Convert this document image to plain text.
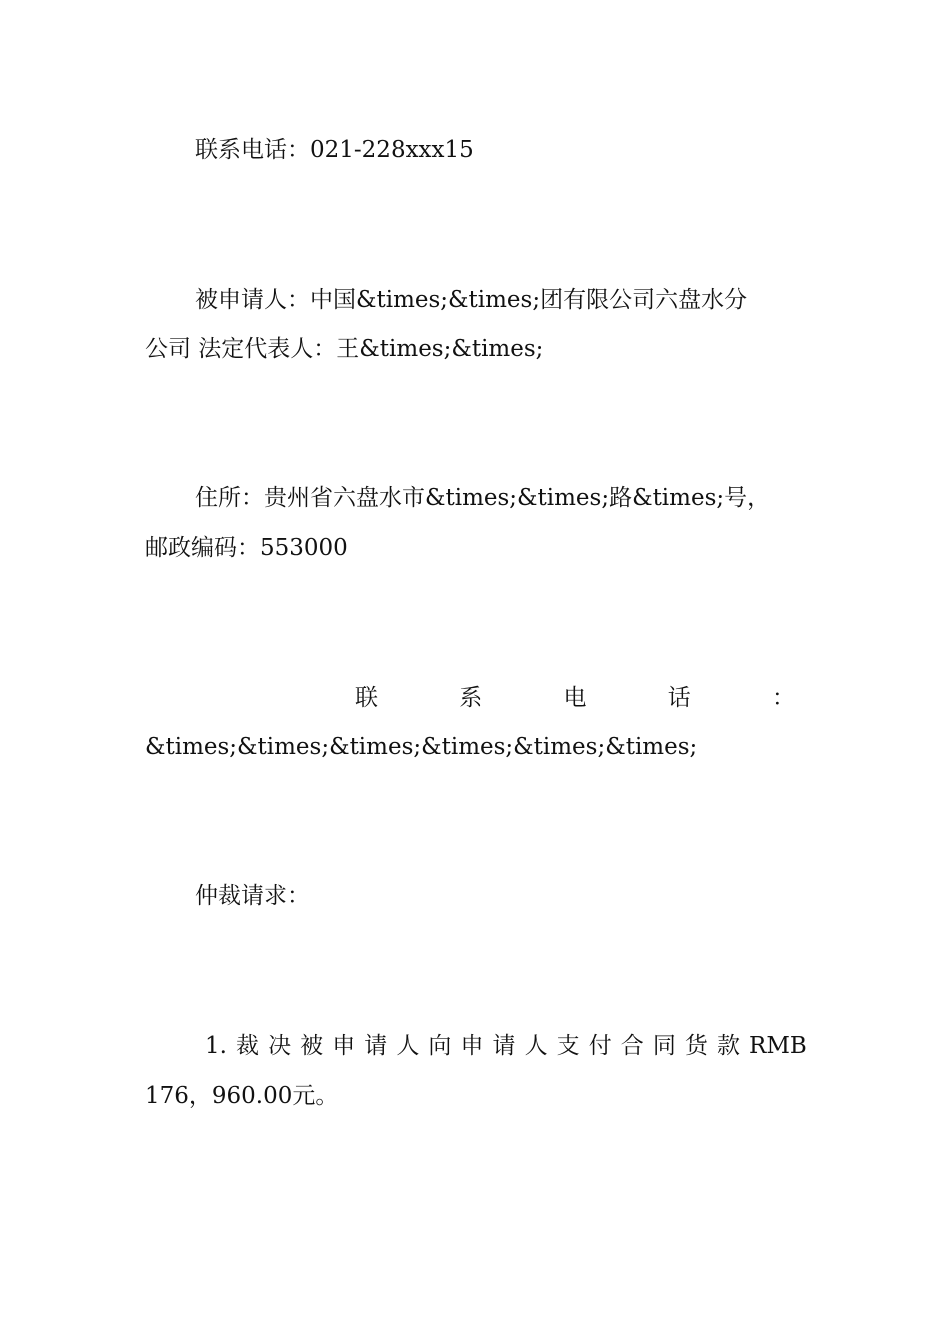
联系电话：021-228xxx15
被申请人：中国&times;&times;团有限公司六盘水分
公司 法定代表人：王&times;&times;
住所：贵州省六盘水市&times;&times;路&times;号，
邮政编码：553000
联	系	电	话	：
&times;&times;&times;&times;&times;&times;
仲裁请求：
1. 裁 决 被 申 请 人 向 申 请 人 支 付 合 同 货 款 RMB
176，960.00元。
